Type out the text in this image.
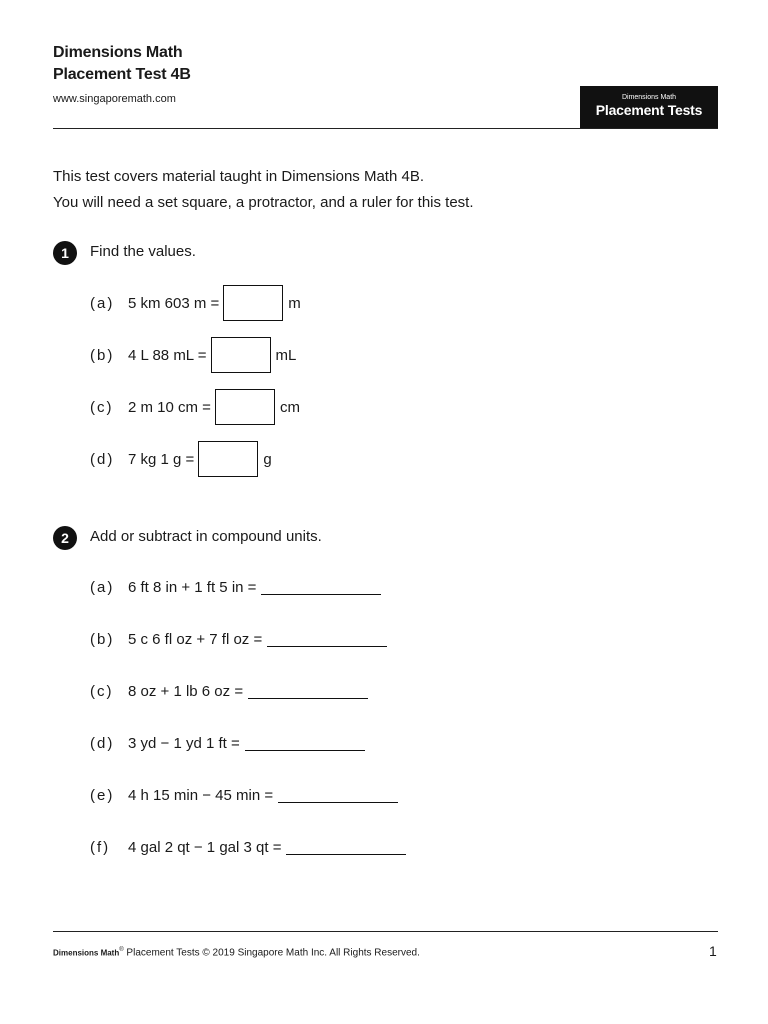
Dimensions Math
Placement Test 4B
www.singaporemath.com	Dimensions Math
Placement Tests
This test covers material taught in Dimensions Math 4B.
You will need a set square, a protractor, and a ruler for this test.
1	Find the values.
(a) 5 km 603 m =	m
(b) 4 L 88 mL =	mL
(c) 2 m 10 cm =	cm
(d) 7 kg 1 g =	g
2	Add or subtract in compound units.
(a) 6 ft 8 in + 1 ft 5 in =
(b) 5 c 6 fl oz + 7 fl oz =
(c) 8 oz + 1 lb 6 oz =
(d) 3 yd − 1 yd 1 ft =
(e) 4 h 15 min − 45 min =
(f)	4 gal 2 qt − 1 gal 3 qt =
Dimensions Math® Placement Tests © 2019 Singapore Math Inc. All Rights Reserved.	1
